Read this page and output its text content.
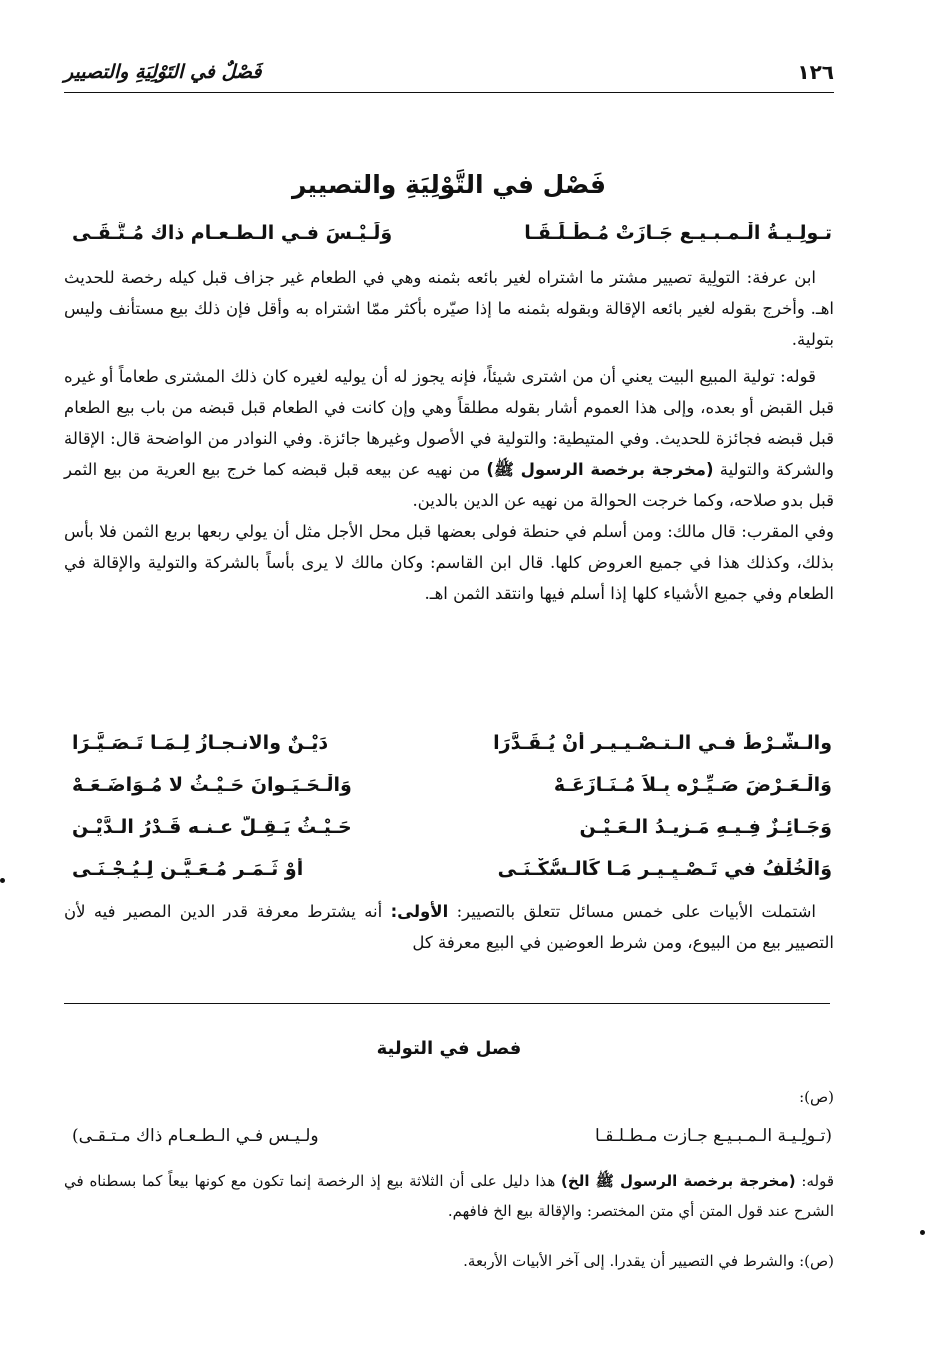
١٢٦
فَصْلٌ في التَوْلِيَةِ والتصيير
فَصْل في التَّوْلِيَةِ والتصيير
تـولِـيـةُ الْـمـبـيـعِ جَـازَتْ مُـطْـلَـقَـا
وَلَـيْـسَ فـي الـطـعـامِ ذاك مُـتَّـقَـى

ابن عرفة: التولِية تصيير مشتر ما اشتراه لغير بائعه بثمنه وهي في الطعام غير جزاف قبل كيله رخصة للحديث اهـ. وأخرج بقوله لغير بائعه الإقالة وبقوله بثمنه ما إذا صيّره بأكثر ممّا اشتراه به وأقل فإن ذلك بيع مستأنف وليس بتولية.

قوله: تولية المبيع البيت يعني أن من اشترى شيئاً، فإنه يجوز له أن يوليه لغيره كان ذلك المشترى طعاماً أو غيره قبل القبض أو بعده، وإلى هذا العموم أشار بقوله مطلقاً وهي وإن كانت في الطعام قبل قبضه من باب بيع الطعام قبل قبضه فجائزة للحديث. وفي المتيطية: والتولية في الأصول وغيرها جائزة. وفي النوادر من الواضحة قال: الإقالة والشركة والتولية (مخرجة برخصة الرسول ﷺ) من نهيه عن بيعه قبل قبضه كما خرج بيع العرية من بيع الثمر قبل بدو صلاحه، وكما خرجت الحوالة من نهيه عن الدين بالدين.

وفي المقرب: قال مالك: ومن أسلم في حنطة فولى بعضها قبل محل الأجل مثل أن يولي ربعها بربع الثمن فلا بأس بذلك، وكذلك هذا في جميع العروض كلها. قال ابن القاسم: وكان مالك لا يرى بأساً بالشركة والتولية والإقالة في الطعام وفي جميع الأشياء كلها إذا أسلم فيها وانتقد الثمن اهـ.

والـشَّـرْطُ فـي الـتـصْـيـيـرِ أنْ يُـقَـدَّرَا
دَيْـنٌ والانـجـازُ لِـمَـا تَـصَـيَّـرَا
وَالْـعَـرْضَ صَـيِّـرْه بِـلاَ مُـنَـازَعَـهْ
وَالْـحَـيَـوانَ حَـيْـثُ لا مُـوَاضَـعَـهْ
وَجَـائِـزٌ فِـيـهِ مَـزِيـدُ الـعَـيْـنِ
حَـيْـثُ يَـقِـلُّ عـنـه قَـدْرُ الـدَّيْـنِ
وَالْخُلْفُ في تَـصْـيِـيـرِ مَـا كَالـسُّكْـنَـى
أوْ ثَـمَـرٍ مُـعَـيَّـنٍ لِـيُـجْـنَـى

اشتملت الأبيات على خمس مسائل تتعلق بالتصيير: الأولى: أنه يشترط معرفة قدر الدين المصير فيه لأن التصيير بيع من البيوع، ومن شرط العوضين في البيع معرفة كل

فصل في التولية
(ص):
(تـولِـيـة الـمـبـيـع جـازت مـطـلـقـا
ولـيـس فـي الـطـعـام ذاك مـتـقـى)
قوله: (مخرجة برخصة الرسول ﷺ الخ) هذا دليل على أن الثلاثة بيع إذ الرخصة إنما تكون مع كونها بيعاً كما بسطناه في الشرح عند قول المتن أي متن المختصر: والإقالة بيع الخ فافهم.
(ص): والشرط في التصيير أن يقدرا. إلى آخر الأبيات الأربعة.
